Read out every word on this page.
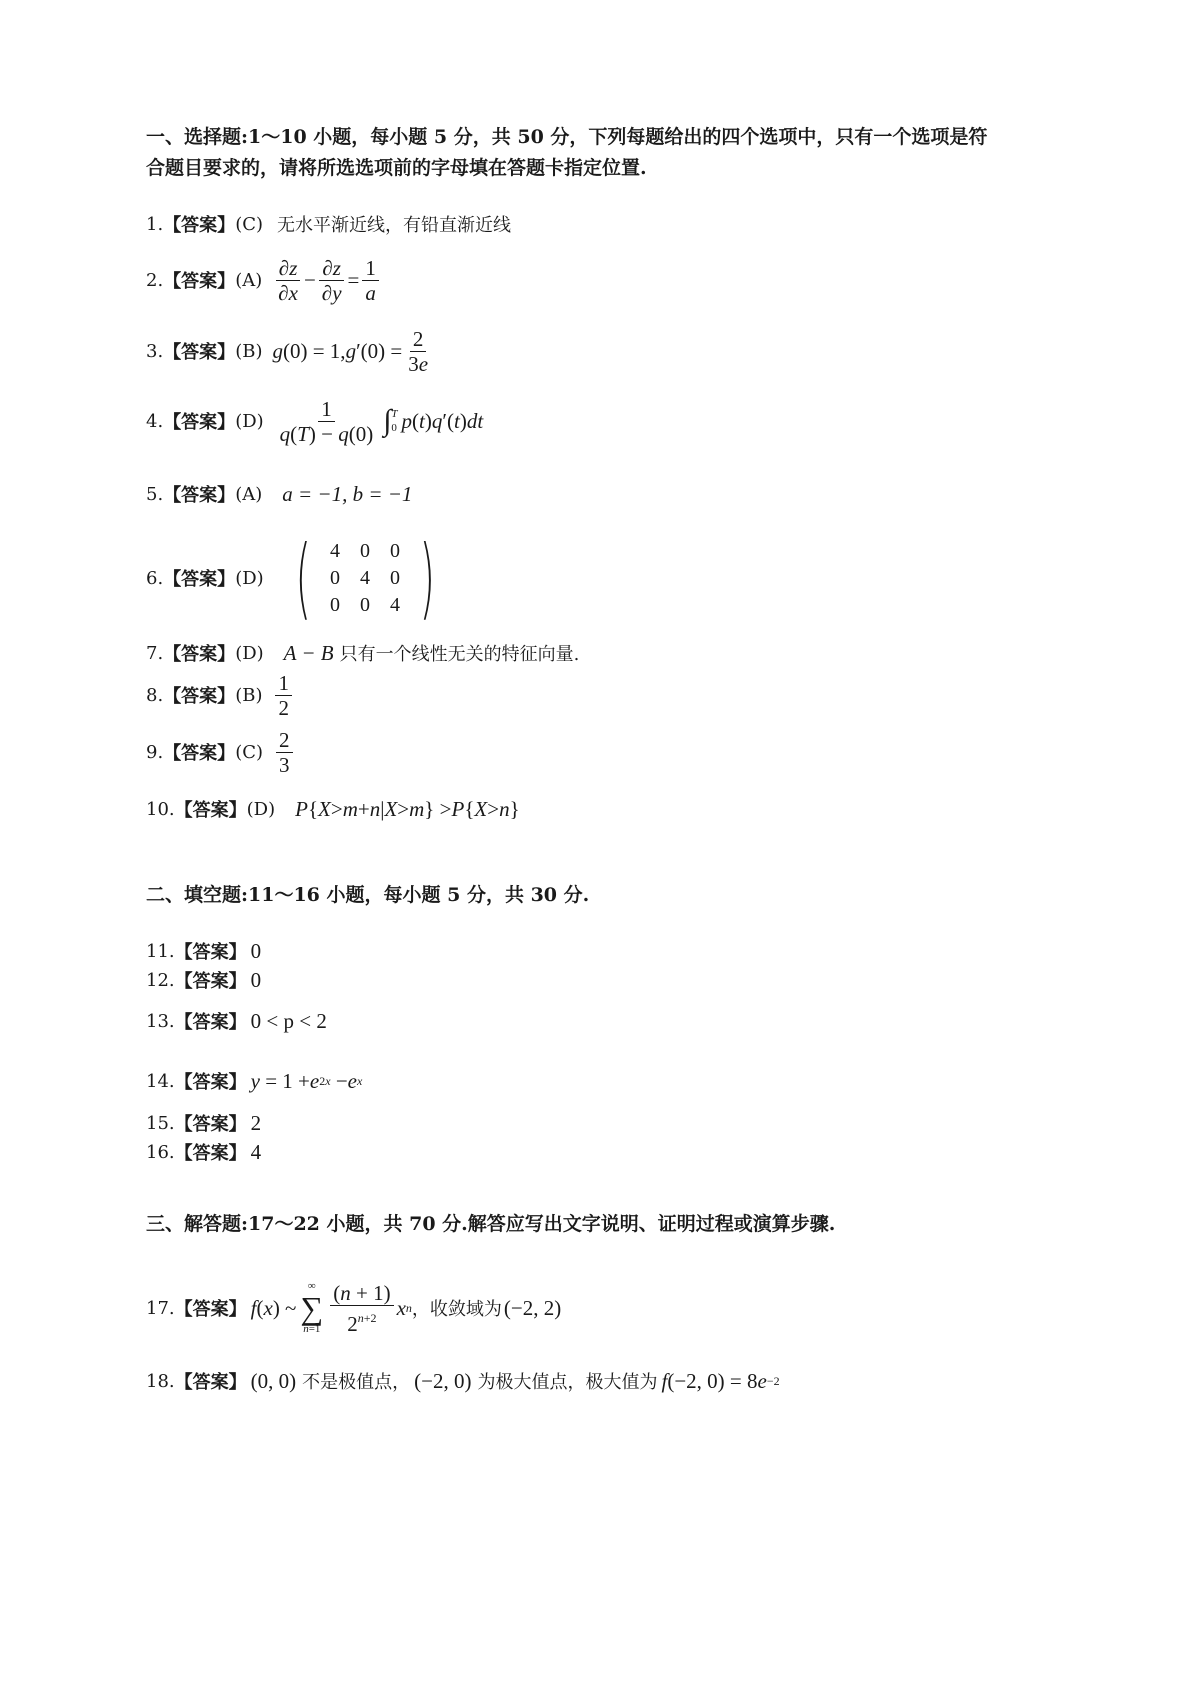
一、选择题:1～10 小题，每小题 5 分，共 50 分，下列每题给出的四个选项中，只有一个选项是符
合题目要求的，请将所选选项前的字母填在答题卡指定位置.
1. 【答案】 (C) 无水平渐近线，有铅直渐近线
2. 【答案】 $(A) \frac{\partial z}{\partial x} - \frac{\partial z}{\partial y} = \frac{1}{a}$
3. 【答案】 (B) g (0) = 1, g $'(0) = \frac{2}{3e}$
4. 【答案】 $(D) \frac{1}{q(T) - q(0)}$ ∫ T
0 p ( t ) q ′( t ) dt
5. 【答案】 (A) a = −1, b = −1
6. 【答案】 (D) ( 4	0	0
0	4	0
0	0	4 )
7. 【答案】 (D) A − B 只有一个线性无关的特征向量.
8. 【答案】 $(B) \frac{1}{2}$
9. 【答案】 $(C) \frac{2}{3}$
10. 【答案】 (D) P { X > m + n | X > m } > P { X > n }
二、填空题:11～16 小题，每小题 5 分，共 30 分.
11. 【答案】 0
12. 【答案】 0
13. 【答案】 0 < p < 2
14. 【答案】 y = 1 + e 2x − e x
15. 【答案】 2
16. 【答案】 4
三、解答题:17～22 小题，共 70 分.解答应写出文字说明、证明过程或演算步骤.
17. 【答案】 f ( x ) ~
∞
∑
$n=1 \frac{(n + 1)}{2^{n+2}}$ x n ，收敛域为 (−2, 2)
18. 【答案】 (0, 0) 不是极值点， (−2, 0) 为极大值点，极大值为 f (−2, 0) = 8 e −2
